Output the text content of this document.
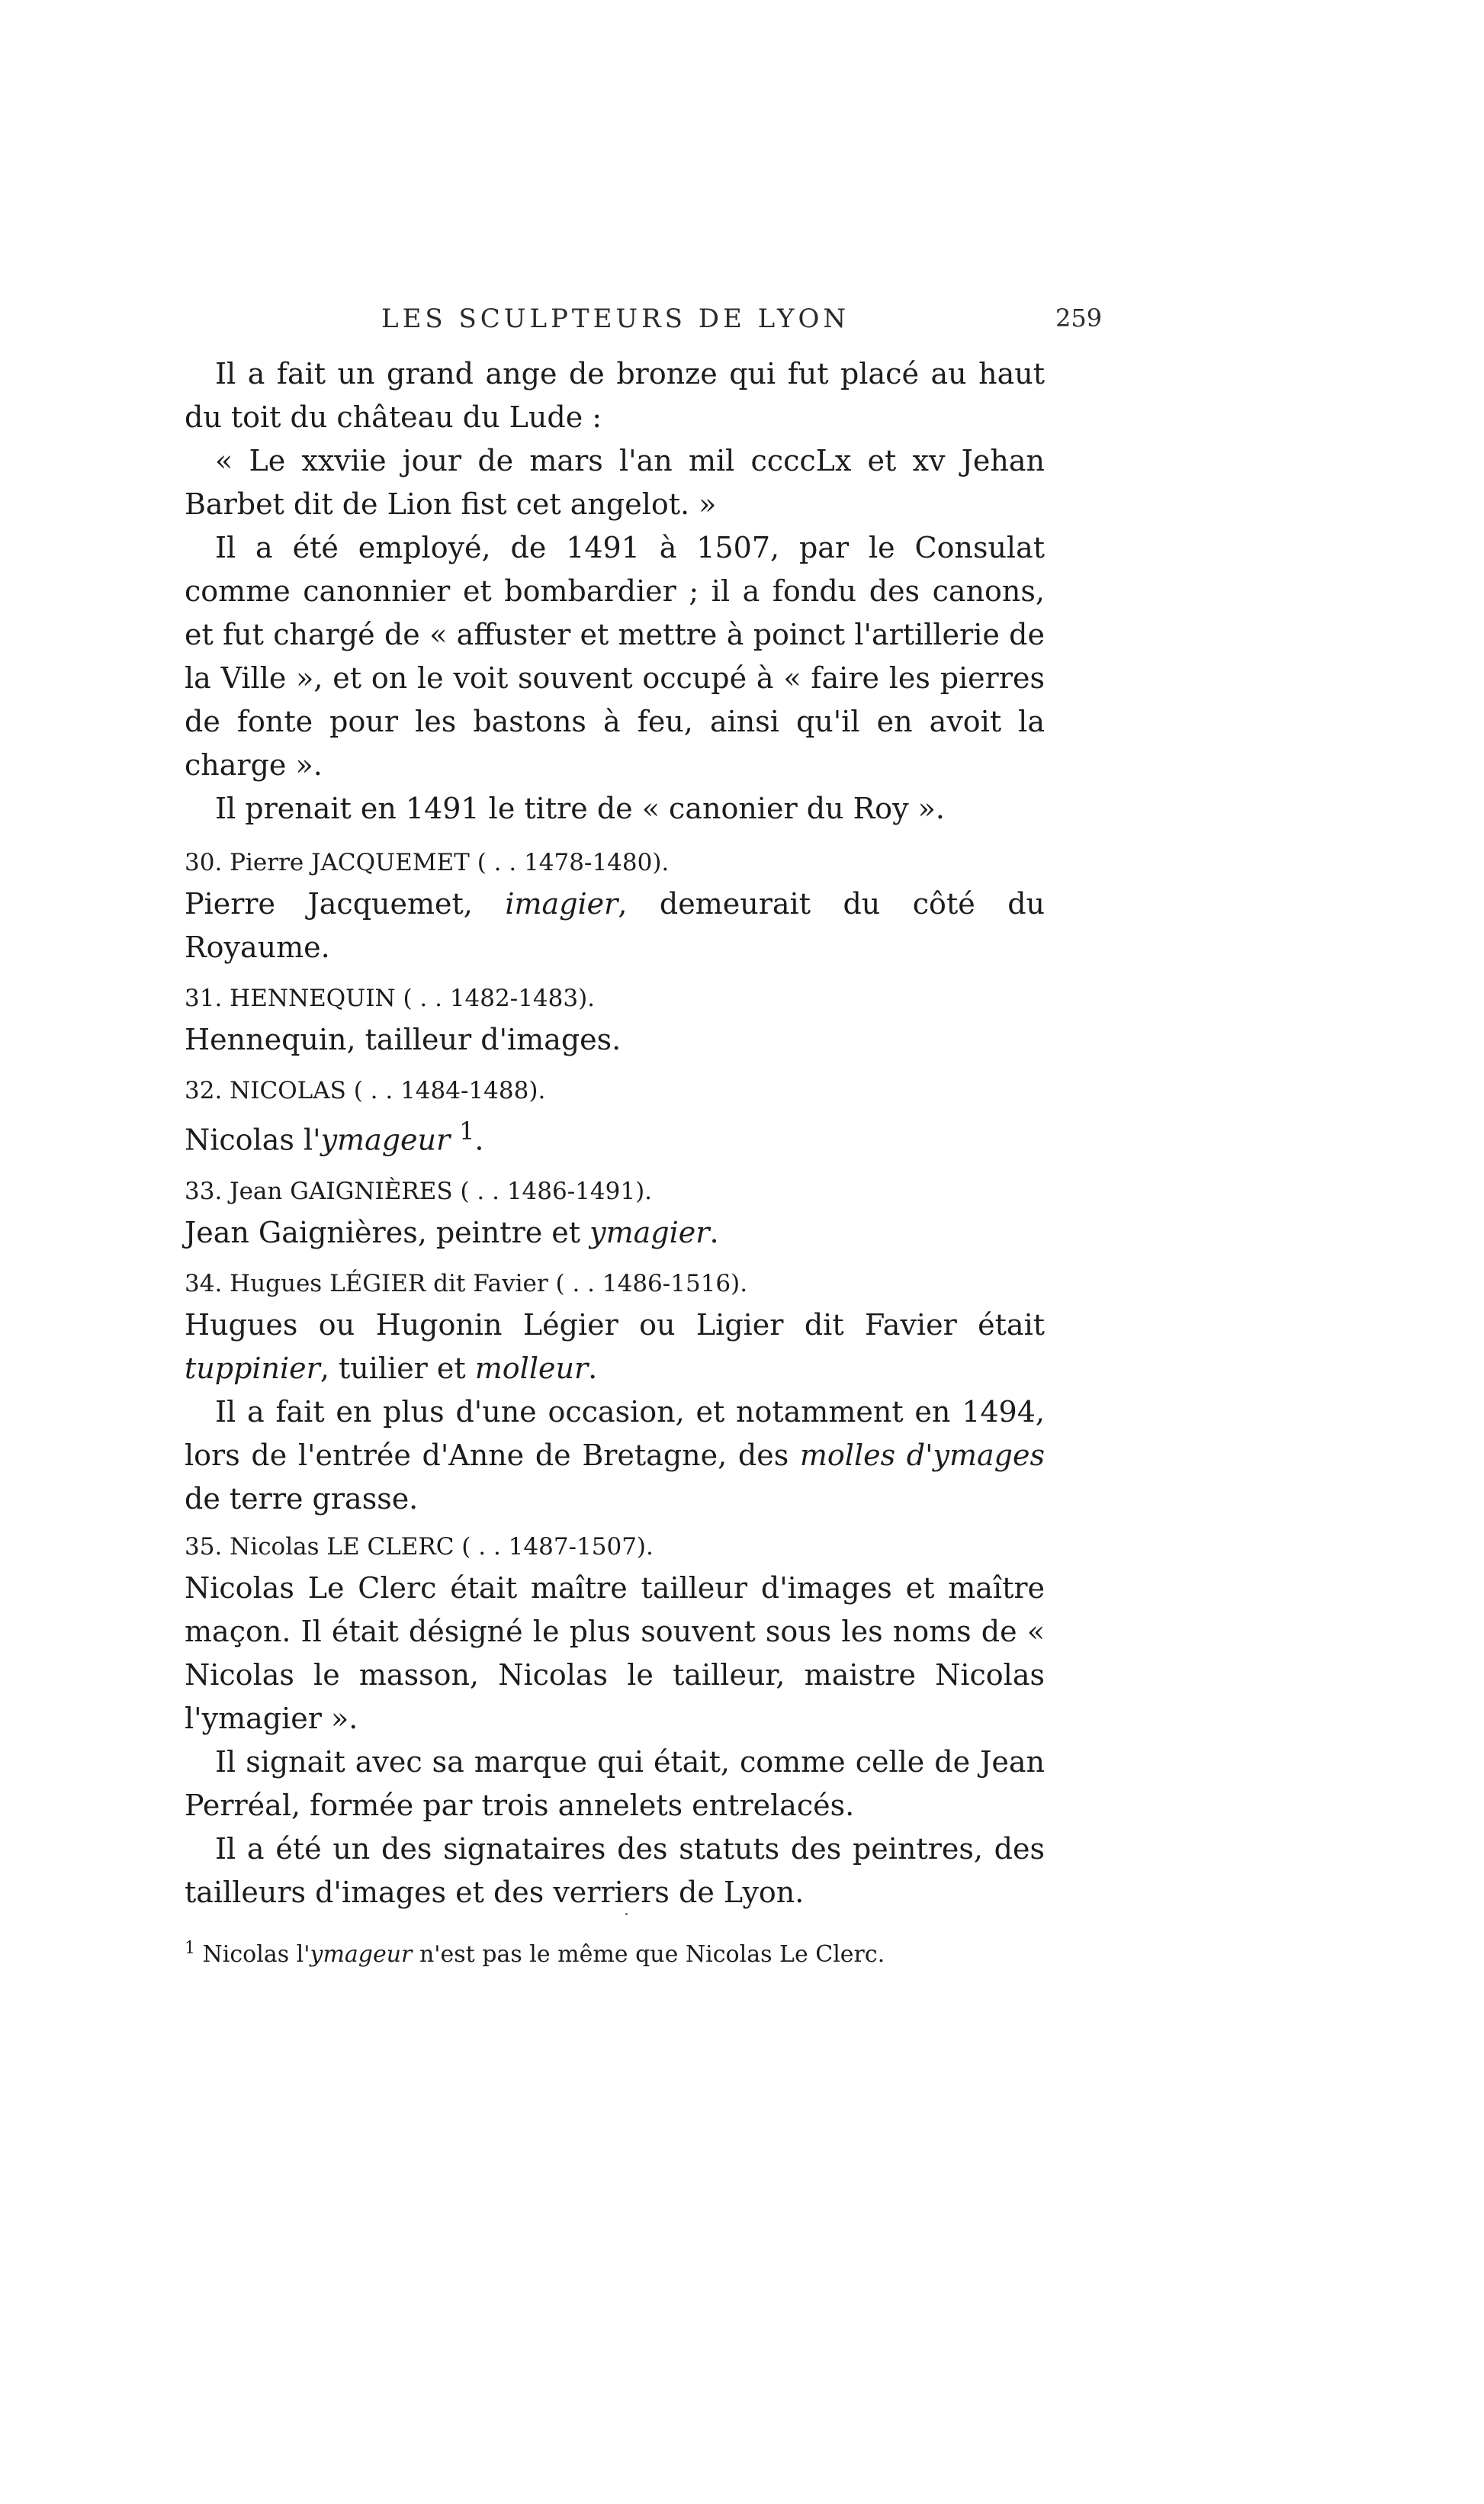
LES SCULPTEURS DE LYON	259

Il a fait un grand ange de bronze qui fut placé au haut du toit du château du Lude :

« Le xxviie jour de mars l'an mil ccccLx et xv Jehan Barbet dit de Lion fist cet angelot. »

Il a été employé, de 1491 à 1507, par le Consulat comme canonnier et bombardier ; il a fondu des canons, et fut chargé de « affuster et mettre à poinct l'artillerie de la Ville », et on le voit souvent occupé à « faire les pierres de fonte pour les bastons à feu, ainsi qu'il en avoit la charge ».

Il prenait en 1491 le titre de « canonier du Roy ».

30. Pierre JACQUEMET ( . . 1478-1480).

Pierre Jacquemet, imagier, demeurait du côté du Royaume.

31. HENNEQUIN ( . . 1482-1483).

Hennequin, tailleur d'images.

32. NICOLAS ( . . 1484-1488).

Nicolas l'ymageur $^1$.

33. Jean GAIGNIÈRES ( . . 1486-1491).

Jean Gaignières, peintre et ymagier.

34. Hugues LÉGIER dit Favier ( . . 1486-1516).

Hugues ou Hugonin Légier ou Ligier dit Favier était tuppinier, tuilier et molleur.

Il a fait en plus d'une occasion, et notamment en 1494, lors de l'entrée d'Anne de Bretagne, des molles d'ymages de terre grasse.

35. Nicolas LE CLERC ( . . 1487-1507).

Nicolas Le Clerc était maître tailleur d'images et maître maçon. Il était désigné le plus souvent sous les noms de « Nicolas le masson, Nicolas le tailleur, maistre Nicolas l'ymagier ».

Il signait avec sa marque qui était, comme celle de Jean Perréal, formée par trois annelets entrelacés.

Il a été un des signataires des statuts des peintres, des tailleurs d'images et des verriers de Lyon.

$^1$ Nicolas l'ymageur n'est pas le même que Nicolas Le Clerc.
